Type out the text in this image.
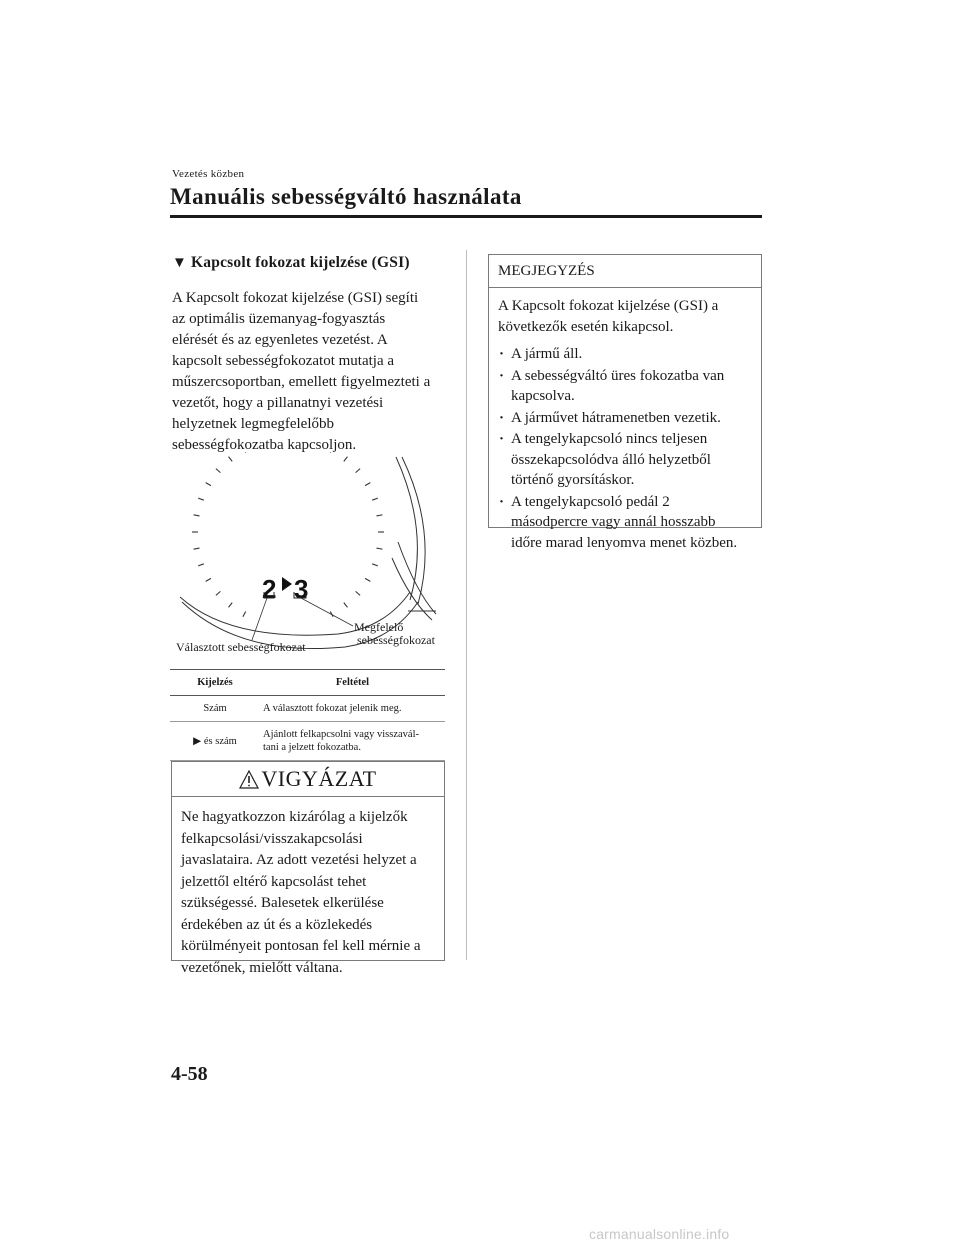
Vezetés közben
Manuális sebességváltó használata
▼ Kapcsolt fokozat kijelzése (GSI)

A Kapcsolt fokozat kijelzése (GSI) segíti
az optimális üzemanyag-fogyasztás
elérését és az egyenletes vezetést. A
kapcsolt sebességfokozatot mutatja a
műszercsoportban, emellett figyelmezteti a
vezetőt, hogy a pillanatnyi vezetési
helyzetnek legmegfelelőbb
sebességfokozatba kapcsoljon.

2 3
Választott sebességfokozat
Megfelelő
sebességfokozat
Kijelzés	Feltétel
Szám	A választott fokozat jelenik meg.
▶ és szám	Ajánlott felkapcsolni vagy visszavál-
tani a jelzett fokozatba.
VIGYÁZAT

Ne hagyatkozzon kizárólag a kijelzők
felkapcsolási/visszakapcsolási
javaslataira. Az adott vezetési helyzet a
jelzettől eltérő kapcsolást tehet
szükségessé. Balesetek elkerülése
érdekében az út és a közlekedés
körülményeit pontosan fel kell mérnie a
vezetőnek, mielőtt váltana.

MEGJEGYZÉS

A Kapcsolt fokozat kijelzése (GSI) a
következők esetén kikapcsol.

· A jármű áll.
· A sebességváltó üres fokozatba van
kapcsolva.
· A járművet hátramenetben vezetik.
· A tengelykapcsoló nincs teljesen
összekapcsolódva álló helyzetből
történő gyorsításkor.
· A tengelykapcsoló pedál 2
másodpercre vagy annál hosszabb
időre marad lenyomva menet közben.

4-58

carmanualsonline.info
